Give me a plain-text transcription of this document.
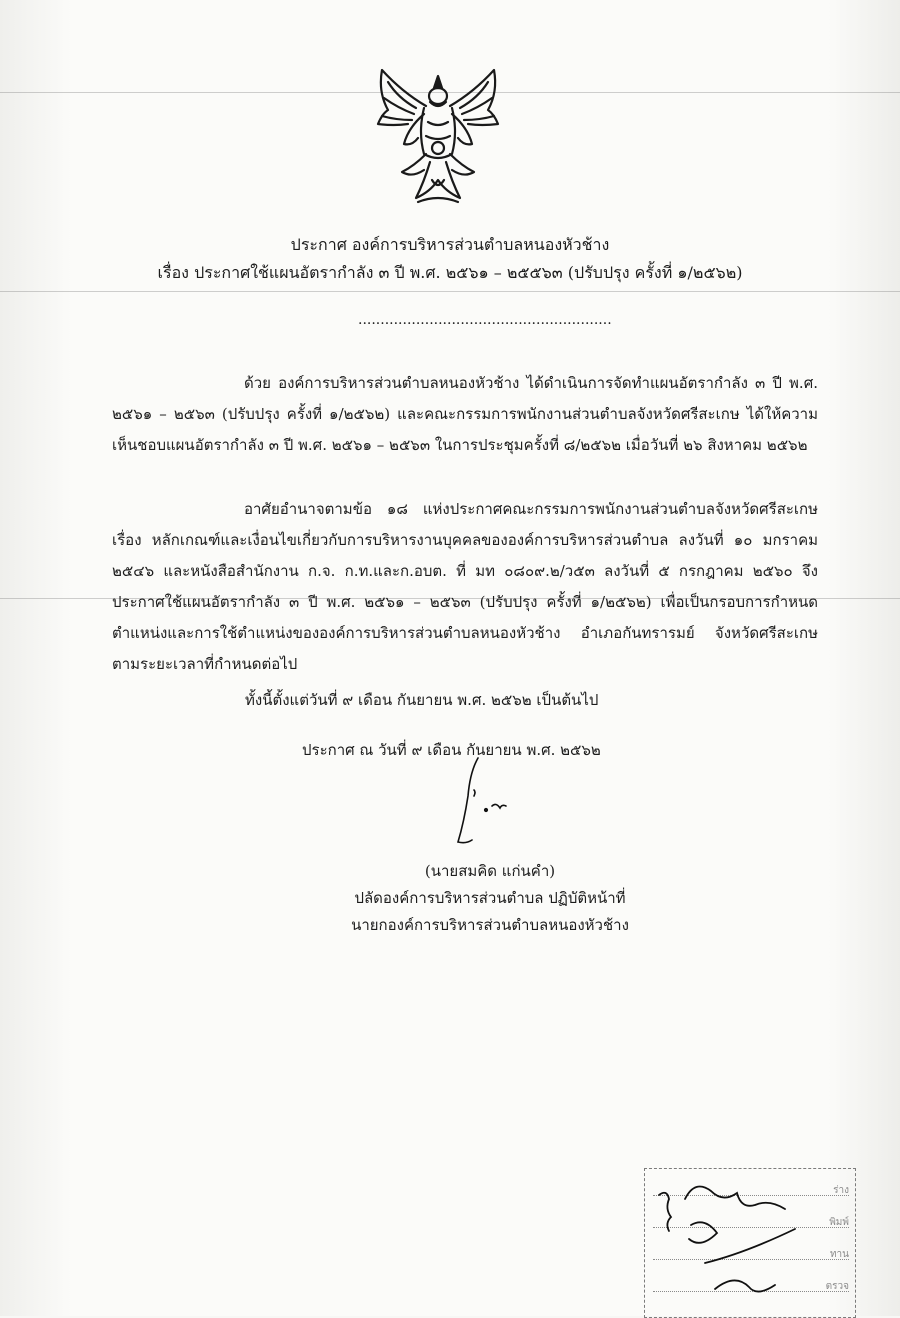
ประกาศ องค์การบริหารส่วนตำบลหนองหัวช้าง
เรื่อง ประกาศใช้แผนอัตรากำลัง ๓ ปี พ.ศ. ๒๕๖๑ – ๒๕๕๖๓ (ปรับปรุง ครั้งที่ ๑/๒๕๖๒)
.........................................................
ด้วย องค์การบริหารส่วนตำบลหนองหัวช้าง ได้ดำเนินการจัดทำแผนอัตรากำลัง ๓ ปี พ.ศ. ๒๕๖๑ – ๒๕๖๓ (ปรับปรุง ครั้งที่ ๑/๒๕๖๒) และคณะกรรมการพนักงานส่วนตำบลจังหวัดศรีสะเกษ ได้ให้ความเห็นชอบแผนอัตรากำลัง ๓ ปี พ.ศ. ๒๕๖๑ – ๒๕๖๓ ในการประชุมครั้งที่ ๘/๒๕๖๒ เมื่อวันที่ ๒๖ สิงหาคม ๒๕๖๒
อาศัยอำนาจตามข้อ ๑๘ แห่งประกาศคณะกรรมการพนักงานส่วนตำบลจังหวัดศรีสะเกษ เรื่อง หลักเกณฑ์และเงื่อนไขเกี่ยวกับการบริหารงานบุคคลขององค์การบริหารส่วนตำบล ลงวันที่ ๑๐ มกราคม ๒๕๔๖ และหนังสือสำนักงาน ก.จ. ก.ท.และก.อบต. ที่ มท ๐๘๐๙.๒/ว๕๓ ลงวันที่ ๕ กรกฎาคม ๒๕๖๐ จึงประกาศใช้แผนอัตรากำลัง ๓ ปี พ.ศ. ๒๕๖๑ – ๒๕๖๓ (ปรับปรุง ครั้งที่ ๑/๒๕๖๒) เพื่อเป็นกรอบการกำหนดตำแหน่งและการใช้ตำแหน่งขององค์การบริหารส่วนตำบลหนองหัวช้าง อำเภอกันทรารมย์ จังหวัดศรีสะเกษ ตามระยะเวลาที่กำหนดต่อไป
ทั้งนี้ตั้งแต่วันที่ ๙ เดือน กันยายน พ.ศ. ๒๕๖๒ เป็นต้นไป
ประกาศ ณ วันที่ ๙ เดือน กันยายน พ.ศ. ๒๕๖๒
(นายสมคิด แก่นคำ)
ปลัดองค์การบริหารส่วนตำบล ปฏิบัติหน้าที่
นายกองค์การบริหารส่วนตำบลหนองหัวช้าง
ร่าง
พิมพ์
ทาน
ตรวจ
